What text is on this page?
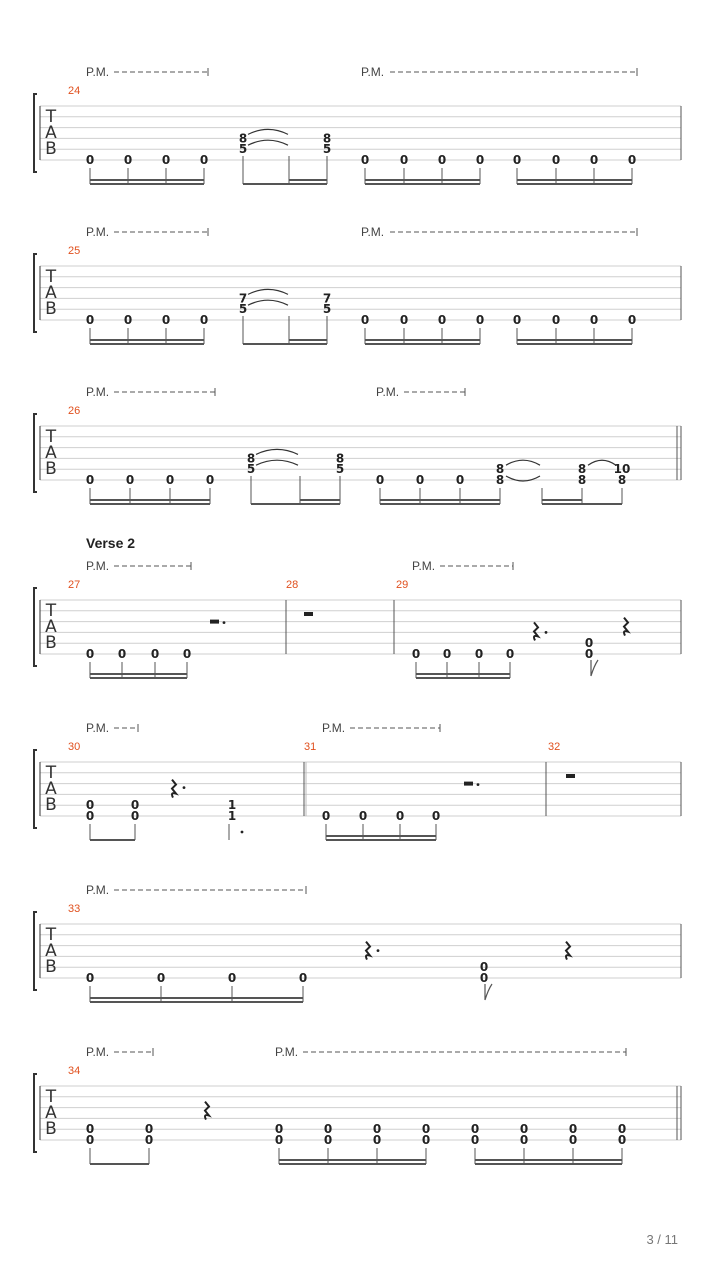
T
A
B
24
P.M.	P.M.
0 0 0 0
8
5
8
5
0	0 0 0 0	0 0 0
T
A
B
25
P.M.	P.M.
0 0 0 0
7
5
7
5
0	0 0 0 0	0 0 0
T
A
B
26
P.M.	P.M.
0	0	0	0
8
5
8
5
0	0	0
8
8
8
8
10
8
Verse 2
T
A
B
27	28	29
P.M.	P.M.
0 0 0 0	0 0 0 0
0
0
T
A
B
30	31	32
P.M.	P.M.
0
0
0
0
1
1	0 0 0 0
T
A
B
33
P.M.
0	0	0	0
0
0
T
A
B
34
P.M.	P.M.
0
0
0
0
0
0
0
0
0
0
0
0
0
0
0
0
0
0
0
0
3 / 11
